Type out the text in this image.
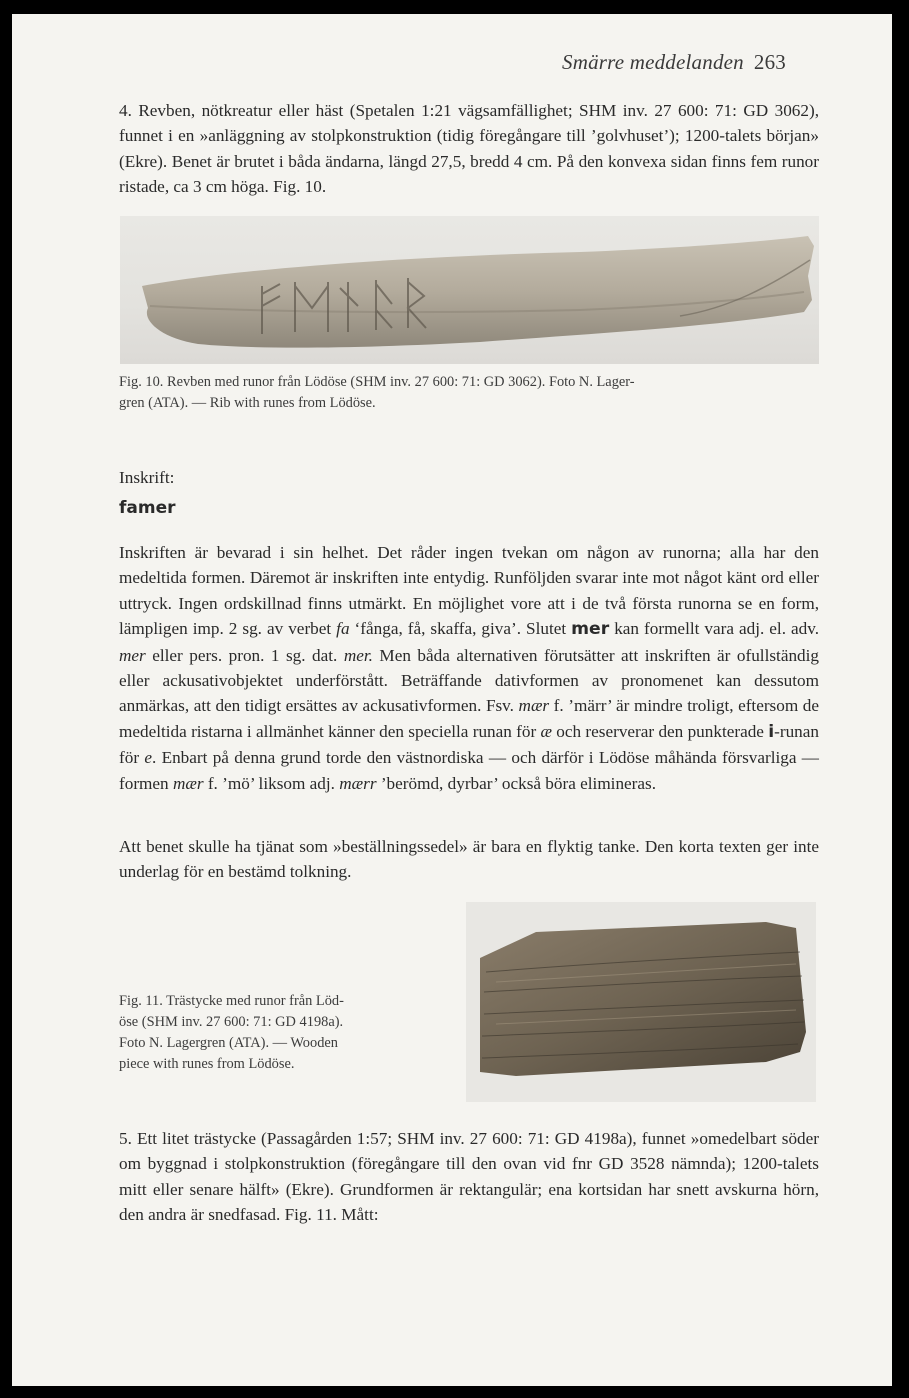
Smärre meddelanden 263

4. Revben, nötkreatur eller häst (Spetalen 1:21 vägsamfällighet; SHM inv. 27 600: 71: GD 3062), funnet i en »anläggning av stolpkonstruktion (tidig föregångare till ’golvhuset’); 1200-talets början» (Ekre). Benet är brutet i båda ändarna, längd 27,5, bredd 4 cm. På den konvexa sidan finns fem runor ristade, ca 3 cm höga. Fig. 10.

Fig. 10. Revben med runor från Lödöse (SHM inv. 27 600: 71: GD 3062). Foto N. Lager-

gren (ATA). — Rib with runes from Lödöse.

Inskrift:
famer

Inskriften är bevarad i sin helhet. Det råder ingen tvekan om någon av runorna; alla har den medeltida formen. Däremot är inskriften inte entydig. Runföljden svarar inte mot något känt ord eller uttryck. Ingen ordskillnad finns utmärkt. En möjlighet vore att i de två första runorna se en form, lämpligen imp. 2 sg. av verbet fa ‘fånga, få, skaffa, giva’. Slutet mer kan formellt vara adj. el. adv. mer eller pers. pron. 1 sg. dat. mer. Men båda alternativen förutsätter att inskriften är ofullständig eller ackusativobjektet underförstått. Beträffande dativformen av pronomenet kan dessutom anmärkas, att den tidigt ersättes av ackusativformen. Fsv. mær f. ’märr’ är mindre troligt, eftersom de medeltida ristarna i allmänhet känner den speciella runan för æ och reserverar den punkterade i-runan för e. Enbart på denna grund torde den västnordiska — och därför i Lödöse måhända försvarliga — formen mær f. ’mö’ liksom adj. mærr ’berömd, dyrbar’ också böra elimineras.

Att benet skulle ha tjänat som »beställningssedel» är bara en flyktig tanke. Den korta texten ger inte underlag för en bestämd tolkning.

Fig. 11. Trästycke med runor från Löd-

öse (SHM inv. 27 600: 71: GD 4198a).

Foto N. Lagergren (ATA). — Wooden

piece with runes from Lödöse.

5. Ett litet trästycke (Passagården 1:57; SHM inv. 27 600: 71: GD 4198a), funnet »omedelbart söder om byggnad i stolpkonstruktion (föregångare till den ovan vid fnr GD 3528 nämnda); 1200-talets mitt eller senare hälft» (Ekre). Grundformen är rektangulär; ena kortsidan har snett avskurna hörn, den andra är snedfasad. Fig. 11. Mått:
